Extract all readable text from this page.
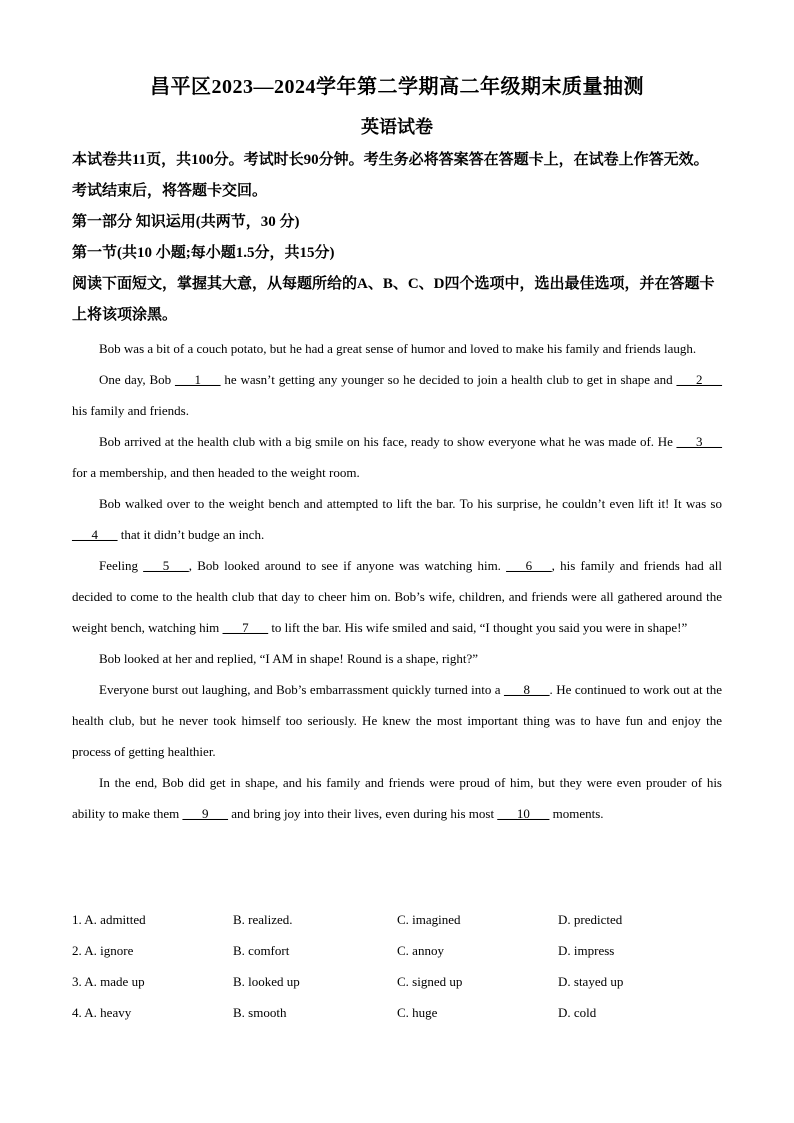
昌平区2023—2024学年第二学期高二年级期末质量抽测
英语试卷

本试卷共11页，共100分。考试时长90分钟。考生务必将答案答在答题卡上，在试卷上作答无效。考试结束后，将答题卡交回。

第一部分 知识运用(共两节，30 分)

第一节(共10 小题;每小题1.5分，共15分)

阅读下面短文，掌握其大意，从每题所给的A、B、C、D四个选项中，选出最佳选项，并在答题卡上将该项涂黑。

Bob was a bit of a couch potato, but he had a great sense of humor and loved to make his family and friends laugh.

One day, Bob ___1___ he wasn’t getting any younger so he decided to join a health club to get in shape and ___2___ his family and friends.

Bob arrived at the health club with a big smile on his face, ready to show everyone what he was made of. He ___3___ for a membership, and then headed to the weight room.

Bob walked over to the weight bench and attempted to lift the bar. To his surprise, he couldn’t even lift it! It was so ___4___ that it didn’t budge an inch.

Feeling ___5___, Bob looked around to see if anyone was watching him. ___6___, his family and friends had all decided to come to the health club that day to cheer him on. Bob’s wife, children, and friends were all gathered around the weight bench, watching him ___7___ to lift the bar. His wife smiled and said, “I thought you said you were in shape!”

Bob looked at her and replied, “I AM in shape! Round is a shape, right?”

Everyone burst out laughing, and Bob’s embarrassment quickly turned into a ___8___. He continued to work out at the health club, but he never took himself too seriously. He knew the most important thing was to have fun and enjoy the process of getting healthier.

In the end, Bob did get in shape, and his family and friends were proud of him, but they were even prouder of his ability to make them ___9___ and bring joy into their lives, even during his most ___10___ moments.

1. A. admitted	B. realized.	C. imagined	D. predicted
2. A. ignore	B. comfort	C. annoy	D. impress
3. A. made up	B. looked up	C. signed up	D. stayed up
4. A. heavy	B. smooth	C. huge	D. cold
